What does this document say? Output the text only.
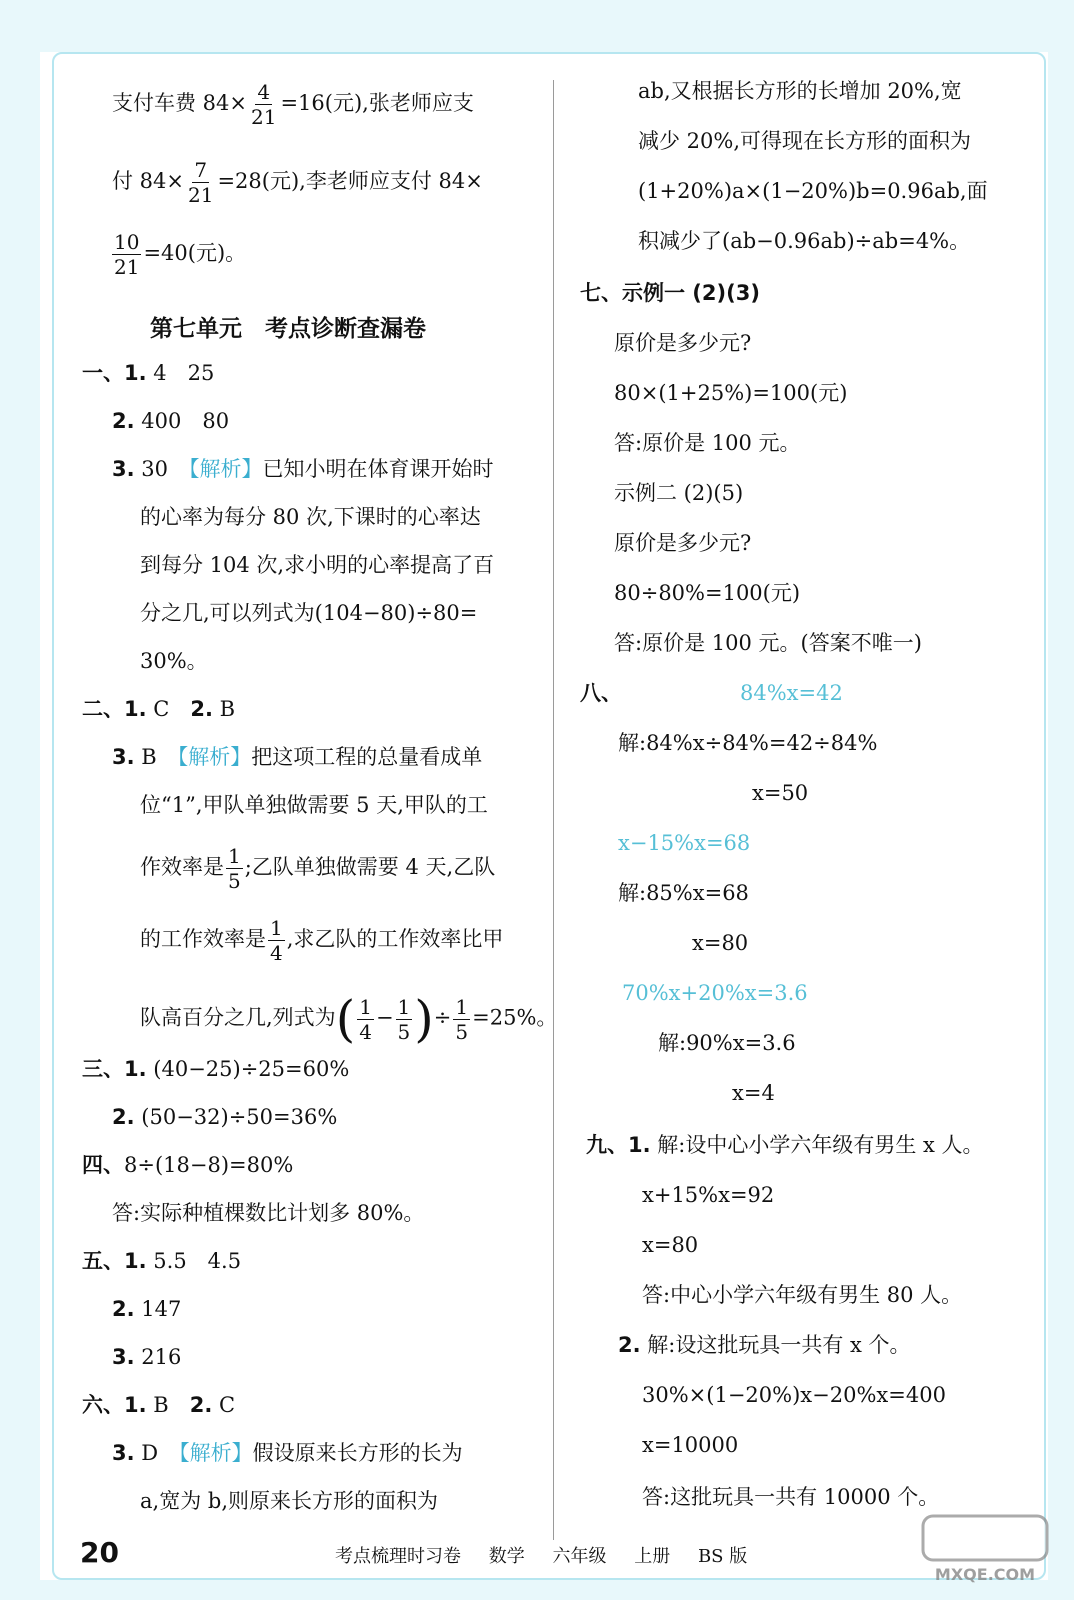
支付车费 $84\times \frac{4}{21} =16$(元),张老师应支
付 $84\times \frac{7}{21} =28$(元),李老师应支付 84×
$\frac{10}{21} =40$(元)。
第七单元　考点诊断查漏卷
一、1. 4　25
2. 400　80
3. 30　【解析】已知小明在体育课开始时
的心率为每分 80 次,下课时的心率达
到每分 104 次,求小明的心率提高了百
分之几,可以列式为(104−80)÷80=
30%。
二、1. C　2. B
3. B　【解析】把这项工程的总量看成单
位“1”,甲队单独做需要 5 天,甲队的工
作效率是 $\frac{1}{5}$ ;乙队单独做需要 4 天,乙队
的工作效率是 $\frac{1}{4}$ ,求乙队的工作效率比甲
队高百分之几,列式为( $\frac{1}{4} - \frac{1}{5}$ )÷ $\frac{1}{5} =25\%$。
三、1. (40−25)÷25=60%
2. (50−32)÷50=36%
四、8÷(18−8)=80%
答:实际种植棵数比计划多 80%。
五、1. 5.5　4.5
2. 147
3. 216
六、1. B　2. C
3. D　【解析】假设原来长方形的长为
a,宽为 b,则原来长方形的面积为
ab,又根据长方形的长增加 20%,宽
减少 20%,可得现在长方形的面积为
(1+20%)a×(1−20%)b=0.96ab,面
积减少了(ab−0.96ab)÷ab=4%。
七、示例一 (2)(3)
原价是多少元?
80×(1+25%)=100(元)
答:原价是 100 元。
示例二 (2)(5)
原价是多少元?
80÷80%=100(元)
答:原价是 100 元。(答案不唯一)
八、	84%x=42
解:84%x÷84%=42÷84%
x=50
x−15%x=68
解:85%x=68
x=80
70%x+20%x=3.6
解:90%x=3.6
x=4
九、1. 解:设中心小学六年级有男生 x 人。
x+15%x=92
x=80
答:中心小学六年级有男生 80 人。
2. 解:设这批玩具一共有 x 个。
30%×(1−20%)x−20%x=400
x=10000
答:这批玩具一共有 10000 个。
20	考点梳理时习卷 数学 六年级 上册 BS 版
MXQE.COM
